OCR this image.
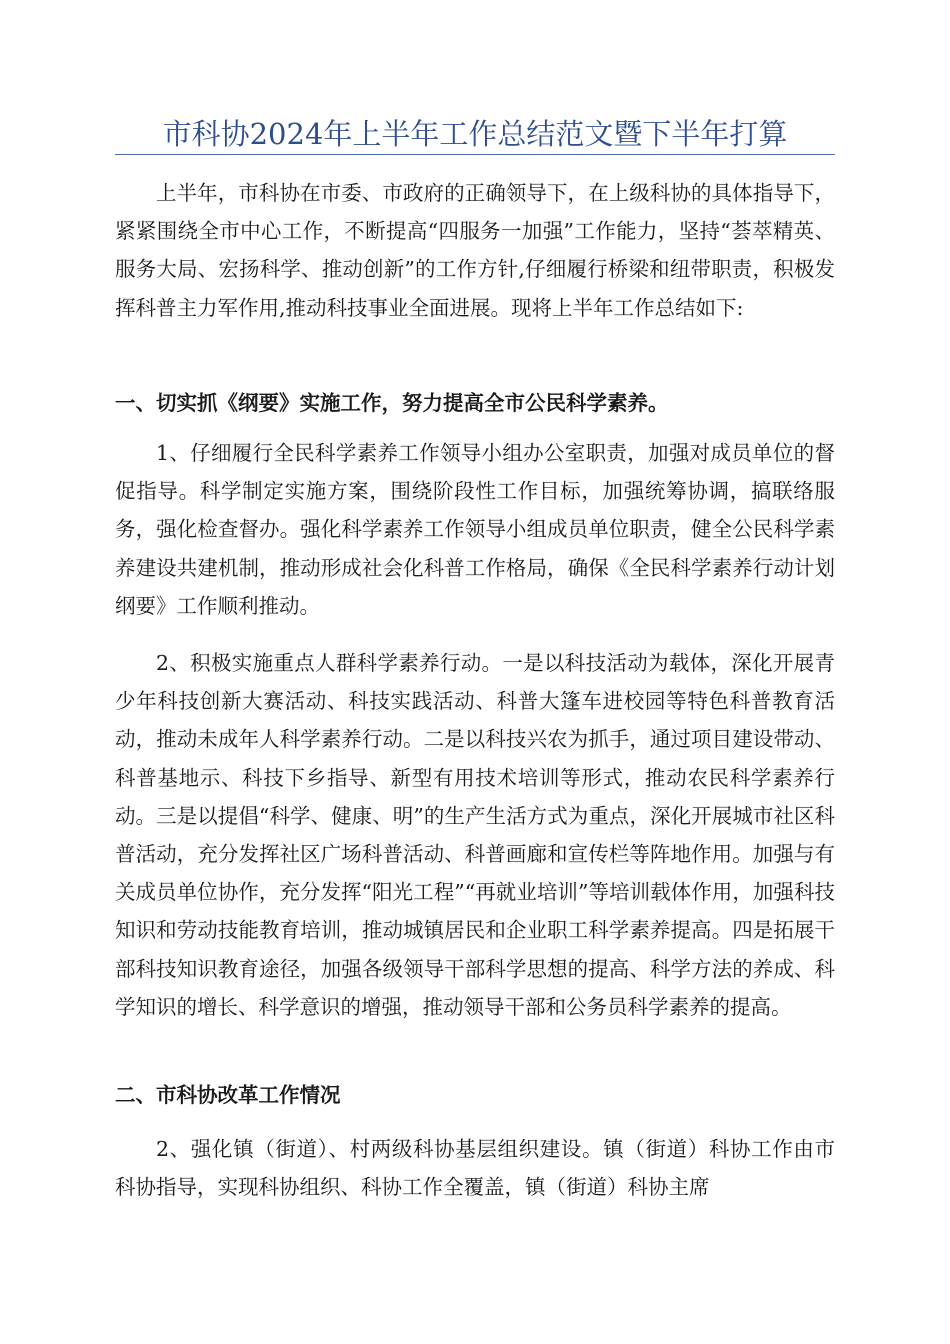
市科协2024年上半年工作总结范文暨下半年打算

上半年，市科协在市委、市政府的正确领导下，在上级科协的具体指导下，紧紧围绕全市中心工作，不断提高“四服务一加强”工作能力，坚持“荟萃精英、服务大局、宏扬科学、推动创新”的工作方针,仔细履行桥梁和纽带职责，积极发挥科普主力军作用,推动科技事业全面进展。现将上半年工作总结如下:

一、切实抓《纲要》实施工作，努力提高全市公民科学素养。

1、仔细履行全民科学素养工作领导小组办公室职责，加强对成员单位的督促指导。科学制定实施方案，围绕阶段性工作目标，加强统筹协调，搞联络服务，强化检查督办。强化科学素养工作领导小组成员单位职责，健全公民科学素养建设共建机制，推动形成社会化科普工作格局，确保《全民科学素养行动计划纲要》工作顺利推动。

2、积极实施重点人群科学素养行动。一是以科技活动为载体，深化开展青少年科技创新大赛活动、科技实践活动、科普大篷车进校园等特色科普教育活动，推动未成年人科学素养行动。二是以科技兴农为抓手，通过项目建设带动、科普基地示、科技下乡指导、新型有用技术培训等形式，推动农民科学素养行动。三是以提倡“科学、健康、明”的生产生活方式为重点，深化开展城市社区科普活动，充分发挥社区广场科普活动、科普画廊和宣传栏等阵地作用。加强与有关成员单位协作，充分发挥“阳光工程”“再就业培训”等培训载体作用，加强科技知识和劳动技能教育培训，推动城镇居民和企业职工科学素养提高。四是拓展干部科技知识教育途径，加强各级领导干部科学思想的提高、科学方法的养成、科学知识的增长、科学意识的增强，推动领导干部和公务员科学素养的提高。

二、市科协改革工作情况

2、强化镇（街道）、村两级科协基层组织建设。镇（街道）科协工作由市科协指导，实现科协组织、科协工作全覆盖，镇（街道）科协主席
